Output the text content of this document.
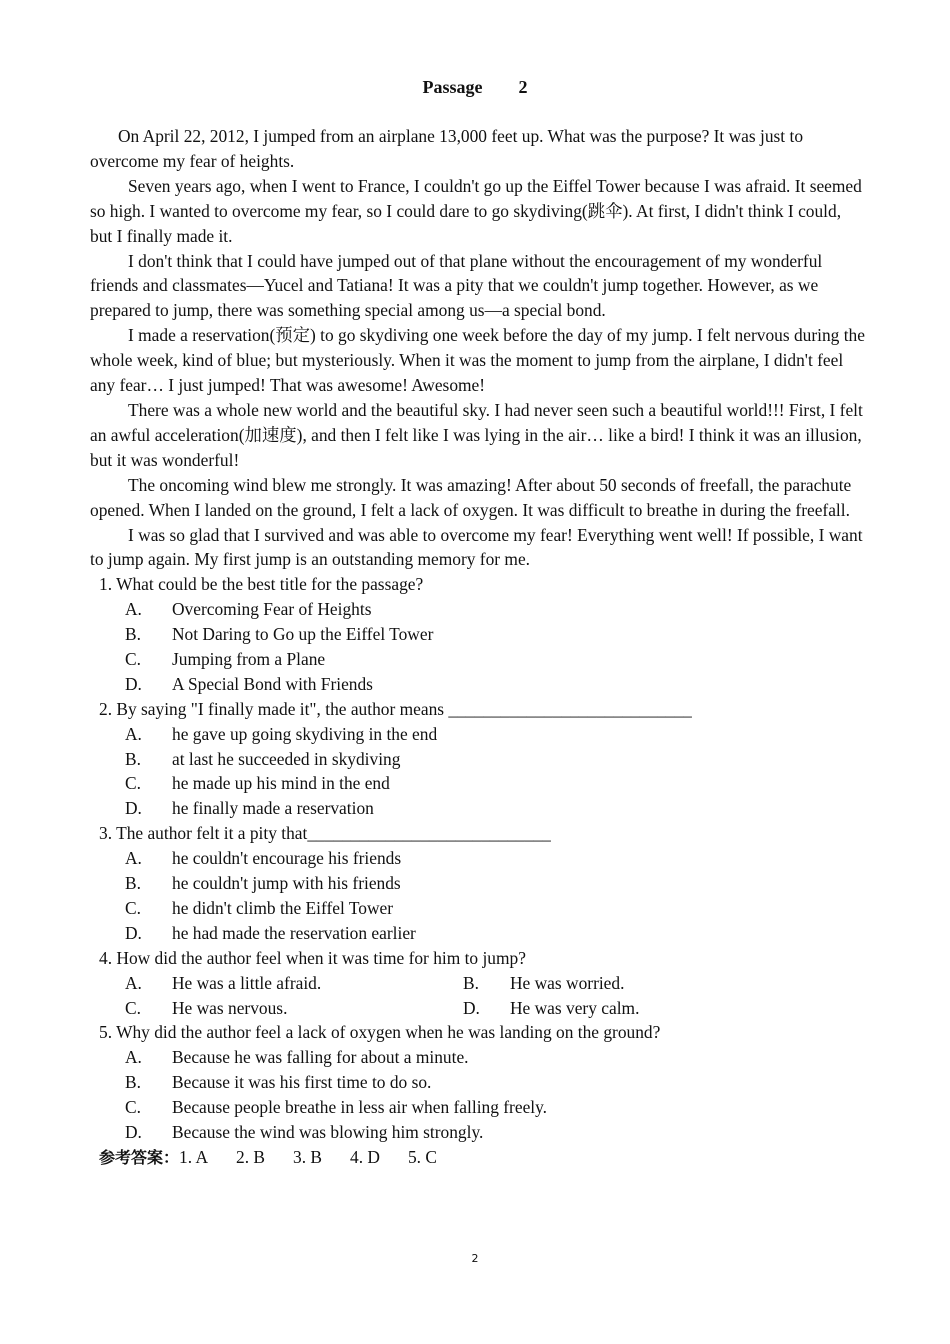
Passage 2

On April 22, 2012, I jumped from an airplane 13,000 feet up. What was the purpose? It was just to overcome my fear of heights.

Seven years ago, when I went to France, I couldn't go up the Eiffel Tower because I was afraid. It seemed so high. I wanted to overcome my fear, so I could dare to go skydiving(跳伞). At first, I didn't think I could, but I finally made it.

I don't think that I could have jumped out of that plane without the encouragement of my wonderful friends and classmates—Yucel and Tatiana! It was a pity that we couldn't jump together. However, as we prepared to jump, there was something special among us—a special bond.

I made a reservation(预定) to go skydiving one week before the day of my jump. I felt nervous during the whole week, kind of blue; but mysteriously. When it was the moment to jump from the airplane, I didn't feel any fear… I just jumped! That was awesome! Awesome!

There was a whole new world and the beautiful sky. I had never seen such a beautiful world!!! First, I felt an awful acceleration(加速度), and then I felt like I was lying in the air… like a bird! I think it was an illusion, but it was wonderful!

The oncoming wind blew me strongly. It was amazing! After about 50 seconds of freefall, the parachute opened. When I landed on the ground, I felt a lack of oxygen. It was difficult to breathe in during the freefall.

I was so glad that I survived and was able to overcome my fear! Everything went well! If possible, I want to jump again. My first jump is an outstanding memory for me.

1. What could be the best title for the passage?

A.	Overcoming Fear of Heights
B.	Not Daring to Go up the Eiffel Tower
C.	Jumping from a Plane
D.	A Special Bond with Friends

2. By saying "I finally made it", the author means ____________________________

A.	he gave up going skydiving in the end
B.	at last he succeeded in skydiving
C.	he made up his mind in the end
D.	he finally made a reservation

3. The author felt it a pity that____________________________

A.	he couldn't encourage his friends
B.	he couldn't jump with his friends
C.	he didn't climb the Eiffel Tower
D.	he had made the reservation earlier

4. How did the author feel when it was time for him to jump?

A.	He was a little afraid.	B.	He was worried.
C.	He was nervous.	D.	He was very calm.

5. Why did the author feel a lack of oxygen when he was landing on the ground?

A.	Because he was falling for about a minute.
B.	Because it was his first time to do so.
C.	Because people breathe in less air when falling freely.
D.	Because the wind was blowing him strongly.

参考答案：1. A 2. B 3. B 4. D 5. C

2
